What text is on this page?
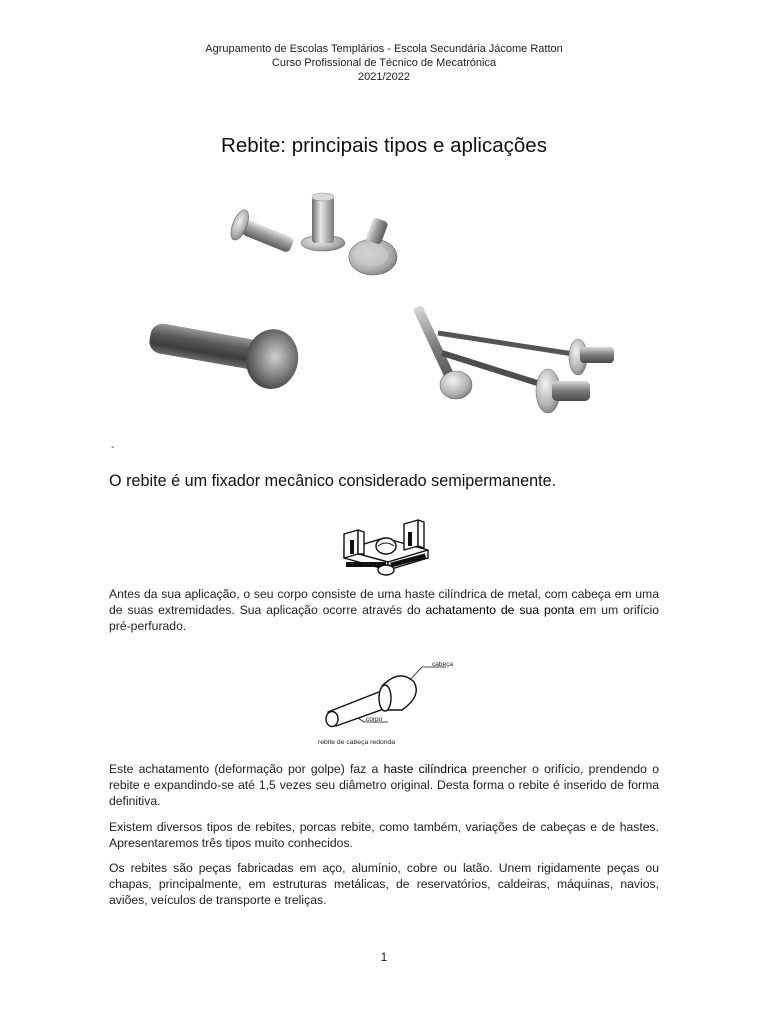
Agrupamento de Escolas Templários - Escola Secundária Jácome Ratton
Curso Profissional de Técnico de Mecatrónica
2021/2022
Rebite: principais tipos e aplicações
-
O rebite é um fixador mecânico considerado semipermanente.

Antes da sua aplicação, o seu corpo consiste de uma haste cilíndrica de metal, com cabeça em uma de suas extremidades. Sua aplicação ocorre através do achatamento de sua ponta em um orifício pré-perfurado.

cabeça
corpo
rebite de cabeça redonda

Este achatamento (deformação por golpe) faz a haste cilíndrica preencher o orifício, prendendo o rebite e expandindo-se até 1,5 vezes seu diâmetro original. Desta forma o rebite é inserido de forma definitiva.

Existem diversos tipos de rebites, porcas rebite, como também, variações de cabeças e de hastes. Apresentaremos três tipos muito conhecidos.

Os rebites são peças fabricadas em aço, alumínio, cobre ou latão. Unem rigidamente peças ou chapas, principalmente, em estruturas metálicas, de reservatórios, caldeiras, máquinas, navios, aviões, veículos de transporte e treliças.

1
